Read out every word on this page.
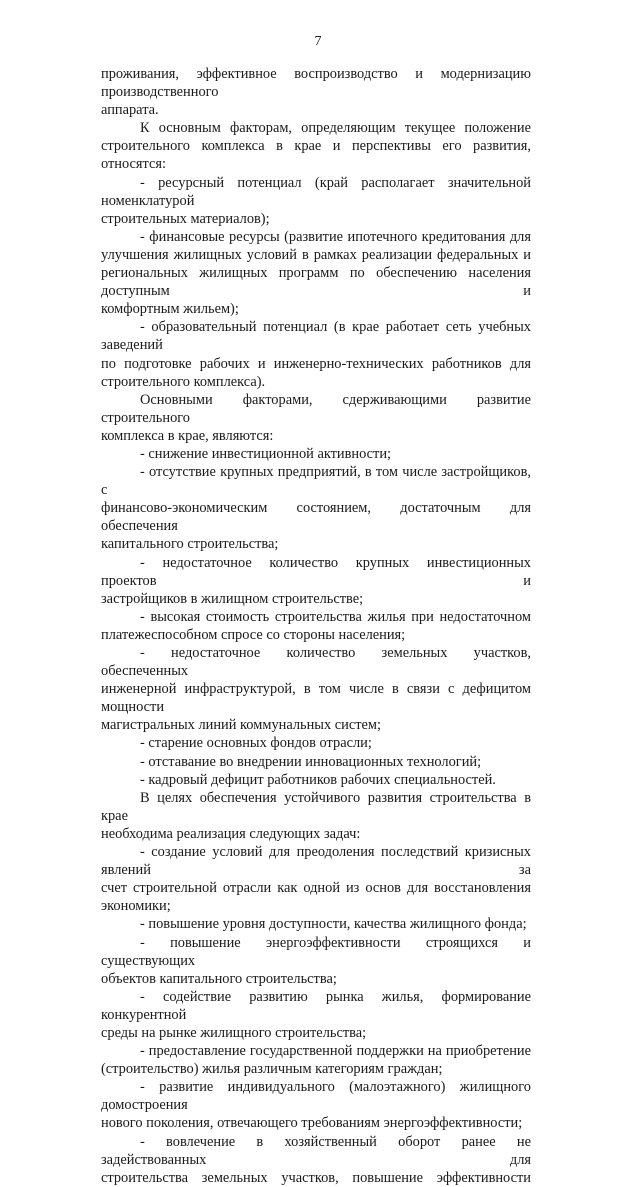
7

проживания, эффективное воспроизводство и модернизацию производственного

аппарата.

К основным факторам, определяющим текущее положение

строительного комплекса в крае и перспективы его развития, относятся:

- ресурсный потенциал (край располагает значительной номенклатурой

строительных материалов);

- финансовые ресурсы (развитие ипотечного кредитования для

улучшения жилищных условий в рамках реализации федеральных и

региональных жилищных программ по обеспечению населения доступным и

комфортным жильем);

- образовательный потенциал (в крае работает сеть учебных заведений

по подготовке рабочих и инженерно-технических работников для

строительного комплекса).

Основными факторами, сдерживающими развитие строительного

комплекса в крае, являются:

- снижение инвестиционной активности;

- отсутствие крупных предприятий, в том числе застройщиков, с

финансово-экономическим состоянием, достаточным для обеспечения

капитального строительства;

- недостаточное количество крупных инвестиционных проектов и

застройщиков в жилищном строительстве;

- высокая стоимость строительства жилья при недостаточном

платежеспособном спросе со стороны населения;

- недостаточное количество земельных участков, обеспеченных

инженерной инфраструктурой, в том числе в связи с дефицитом мощности

магистральных линий коммунальных систем;

- старение основных фондов отрасли;

- отставание во внедрении инновационных технологий;

- кадровый дефицит работников рабочих специальностей.

В целях обеспечения устойчивого развития строительства в крае

необходима реализация следующих задач:

- создание условий для преодоления последствий кризисных явлений за

счет строительной отрасли как одной из основ для восстановления

экономики;

- повышение уровня доступности, качества жилищного фонда;

- повышение энергоэффективности строящихся и существующих

объектов капитального строительства;

- содействие развитию рынка жилья, формирование конкурентной

среды на рынке жилищного строительства;

- предоставление государственной поддержки на приобретение

(строительство) жилья различным категориям граждан;

- развитие индивидуального (малоэтажного) жилищного домостроения

нового поколения, отвечающего требованиям энергоэффективности;

- вовлечение в хозяйственный оборот ранее не задействованных для

строительства земельных участков, повышение эффективности
